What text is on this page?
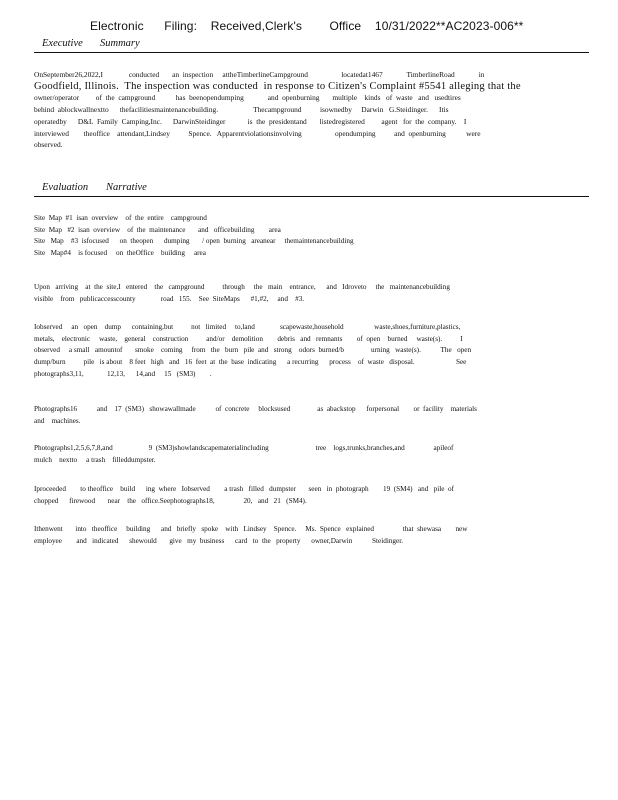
Electronic      Filing:    Received,Clerk's        Office    10/31/2022**AC2023-006**
Executive Summary
OnSeptember26,2022,I              conducted       an  inspection     attheTimberlineCampground                  locatedat1467             TimberlineRoad             in
Goodfield, Illinois.  The inspection was conducted  in response to Citizen's Complaint #5541 alleging that the
owner/operator         of  the  campground           has  beenopendumping             and  openburning       multiple    kinds   of  waste   and   usedtires
behind  ablockwallnextto      thefacilitiesmaintenancebuilding.                   Thecampground          isownedby     Darwin   G.Steidinger.      Itis
operatedby      D&L  Family  Camping,Inc.      DarwinSteidinger            is  the  presidentand       listedregistered         agent   for  the  company.    I
interviewed        theoffice    attendant,Lindsey          Spence.   Apparentviolationsinvolving                  opendumping          and  openburning           were
observed.
Evaluation Narrative
Site  Map  #1  isan  overview    of  the  entire    campground
Site  Map   #2  isan  overview    of  the  maintenance       and   officebuilding        area
Site   Map    #3  isfocused      on  theopen      dumping       / open  burning   areanear     themaintenancebuilding
Site   Map#4    is focused     on  theOffice    building     area
Upon   arriving    at  the  site,I   entered    the   campground          through     the   main    entrance,      and   Idroveto     the   maintenancebuilding
visible    from   publicaccesscounty              road   155.    See  SiteMaps      #1,#2,     and    #3.
Iobserved     an   open    dump      containing,but          not   limited     to,land              scapewaste,household                 waste,shoes,furniture,plastics,
metals,    electronic     waste,    general    construction          and/or    demolition        debris   and   remnants        of  open    burned     waste(s).          I
observed     a small   amountof       smoke    coming     from   the   burn   pile  and   strong    odors  burned/b               urning   waste(s).           The   open
dump/burn          pile   is about    8 feet   high   and   16  feet  at  the  base  indicating      a recurring      process    of  waste   disposal.                       See
photographs3,11,             12,13,      14,and     15   (SM3)        .
Photographs16           and    17  (SM3)   showawallmade           of  concrete     blocksused               as  abackstop      forpersonal        or  facility    materials
and    machines.
Photographs1,2,5,6,7,8,and                    9  (SM3)showlandscapematerialincluding                          tree    logs,trunks,branches,and                apileof
mulch    nextto     a trash    filleddumpster.
Iproceeded        to theoffice    build      ing  where   Iobserved        a trash   filled   dumpster       seen   in  photograph        19  (SM4)   and   pile  of
chopped      firewood       near    the   office.Seephotographs18,                20,   and   21   (SM4).
Ithenwent       into   theoffice     building      and   briefly   spoke    with   Lindsey    Spence.     Ms.  Spence   explained                that  shewasa        new
employee        and   indicated      shewould       give   my  business      card   to  the   property      owner,Darwin           Steidinger.
